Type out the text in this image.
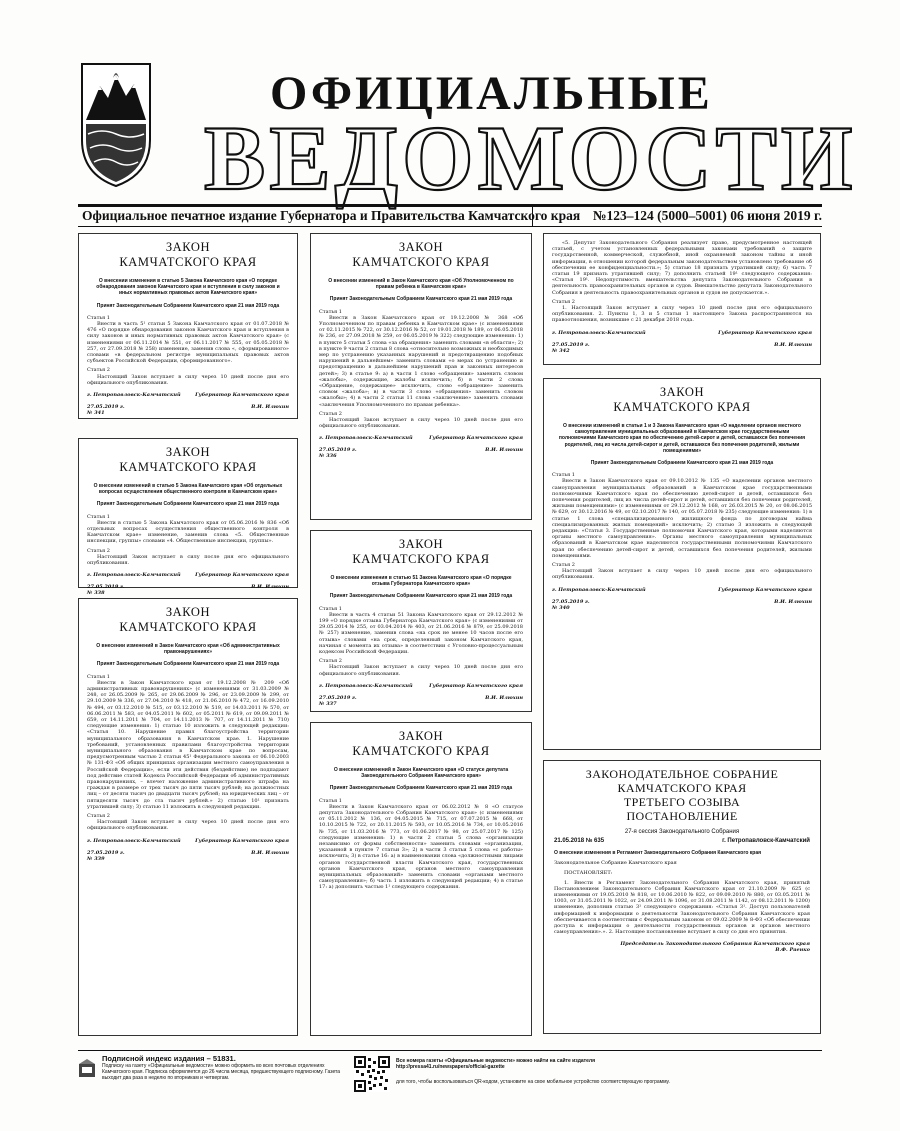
ОФИЦИАЛЬНЫЕ
ВЕДОМОСТИ
Официальное печатное издание Губернатора и Правительства Камчатского края №123–124 (5000–5001) 06 июня 2019 г.
ЗАКОН
КАМЧАТСКОГО КРАЯ
О внесении изменения в статью 5 Закона Камчатского края «О порядке обнародования законов Камчатского края и вступления в силу законов и иных нормативных правовых актов Камчатского края»
Принят Законодательным Собранием Камчатского края 21 мая 2019 года
Статья 1
Внести в часть 5¹ статьи 5 Закона Камчатского края от 01.07.2018 № 476 «О порядке обнародования законов Камчатского края и вступления в силу законов и иных нормативных правовых актов Камчатского края» (с изменениями от 06.11.2014 № 551, от 06.11.2017 № 555, от 05.05.2018 № 257, от 27.09.2018 № 258) изменение, заменив слова «, сформированного» словами «в федеральном регистре муниципальных правовых актов субъектов Российской Федерации, сформированного».
Статья 2
Настоящий Закон вступает в силу через 10 дней после дня его официального опубликования.
г. Петропавловск-Камчатский	Губернатор Камчатского края
27.05.2019 г.	В.И. Илюхин
№ 341
ЗАКОН
КАМЧАТСКОГО КРАЯ
О внесении изменений в статью 5 Закона Камчатского края «Об отдельных вопросах осуществления общественного контроля в Камчатском крае»
Принят Законодательным Собранием Камчатского края 21 мая 2019 года
Статья 1
Внести в статью 5 Закона Камчатского края от 05.06.2016 № 836 «Об отдельных вопросах осуществления общественного контроля в Камчатском крае» изменение, заменив слова «5. Общественные инспекции, группы» словами «4. Общественные инспекции, группы».
Статья 2
Настоящий Закон вступает в силу после дня его официального опубликования.
г. Петропавловск-Камчатский	Губернатор Камчатского края
27.05.2019 г.	В.И. Илюхин
№ 338
ЗАКОН
КАМЧАТСКОГО КРАЯ
О внесении изменений в Закон Камчатского края «Об административных правонарушениях»
Принят Законодательным Собранием Камчатского края 21 мая 2019 года
Статья 1
Внести в Закон Камчатского края от 19.12.2008 № 209 «Об административных правонарушениях» (с изменениями от 31.03.2009 № 248, от 26.05.2009 № 265, от 29.06.2009 № 296, от 23.09.2009 № 299, от 29.10.2009 № 336, от 27.04.2010 № 418, от 21.06.2010 № 472, от 16.09.2010 № 494, от 03.12.2010 № 515, от 03.12.2010 № 519, от 14.03.2011 № 570, от 06.06.2011 № 583, от 04.05.2011 № 602, от 05.2011 № 619, от 09.09.2011 № 659, от 14.11.2011 № 704, от 14.11.2013 № 707, от 14.11.2011 № 710) следующие изменения: 1) статью 10 изложить в следующей редакции: «Статья 10. Нарушение правил благоустройства территории муниципального образования в Камчатском крае. 1. Нарушение требований, установленных правилами благоустройства территории муниципального образования в Камчатском крае по вопросам, предусмотренным частью 2 статьи 45¹ Федерального закона от 06.10.2003 № 131-ФЗ «Об общих принципах организации местного самоуправления в Российской Федерации», если эти действия (бездействие) не подпадают под действие статей Кодекса Российской Федерации об административных правонарушениях, – влечет наложение административного штрафа на граждан в размере от трех тысяч до пяти тысяч рублей; на должностных лиц – от десяти тысяч до двадцати тысяч рублей; на юридических лиц – от пятидесяти тысяч до ста тысяч рублей.» 2) статью 10¹ признать утратившей силу; 3) статью 11 изложить в следующей редакции.
Статья 2
Настоящий Закон вступает в силу через 10 дней после дня его официального опубликования.
г. Петропавловск-Камчатский	Губернатор Камчатского края
27.05.2019 г.	В.И. Илюхин
№ 339
ЗАКОН
КАМЧАТСКОГО КРАЯ
О внесении изменений в Закон Камчатского края «Об Уполномоченном по правам ребенка в Камчатском крае»
Принят Законодательным Собранием Камчатского края 21 мая 2019 года
Статья 1
Внести в Закон Камчатского края от 19.12.2008 № 368 «Об Уполномоченном по правам ребенка в Камчатском крае» (с изменениями от 02.11.2015 № 722, от 30.12.2016 № 52, от 19.01.2018 № 189, от 06.05.2018 № 236, от 27.09.2018 № 259, от 06.05.2019 № 322) следующие изменения: 1) в пункте 5 статьи 5 слова «за обращения» заменить словами «в области»; 2) в пункте 9 части 2 статьи 8 слова «относительно возможных и необходимых мер по устранению указанных нарушений и предотвращению подобных нарушений в дальнейшем» заменить словами «о мерах по устранению и предотвращению в дальнейшем нарушений прав и законных интересов детей»; 3) в статье 9: а) в части 1 слово «обращения» заменить словом «жалобы», содержащие, жалобы исключить; б) в части 2 слова «Обращение, содержащее» исключить, слово «обращение» заменить словом «жалоба»; в) в части 3 слово «обращения» заменить словом «жалобы»; 4) в части 2 статьи 11 слова «заключение» заменить словами «заключения Уполномоченного по правам ребенка».
Статья 2
Настоящий Закон вступает в силу через 10 дней после дня его официального опубликования.
г. Петропавловск-Камчатский	Губернатор Камчатского края
27.05.2019 г.	В.И. Илюхин
№ 336
ЗАКОН
КАМЧАТСКОГО КРАЯ
О внесении изменения в статью 51 Закона Камчатского края «О порядке отзыва Губернатора Камчатского края»
Принят Законодательным Собранием Камчатского края 21 мая 2019 года
Статья 1
Внести в часть 4 статьи 51 Закона Камчатского края от 29.12.2012 № 199 «О порядке отзыва Губернатора Камчатского края» (с изменениями от 29.05.2014 № 255, от 03.04.2014 № 403, от 21.06.2016 № 879, от 25.09.2018 № 257) изменение, заменив слова «на срок не менее 10 часов после его отзыва» словами «на срок, определенный законом Камчатского края, начиная с момента их отзыва» в соответствии с Уголовно-процессуальным кодексом Российской Федерации.
Статья 2
Настоящий Закон вступает в силу через 10 дней после дня его официального опубликования.
г. Петропавловск-Камчатский	Губернатор Камчатского края
27.05.2019 г.	В.И. Илюхин
№ 337
ЗАКОН
КАМЧАТСКОГО КРАЯ
О внесении изменений в Закон Камчатского края «О статусе депутата Законодательного Собрания Камчатского края»
Принят Законодательным Собранием Камчатского края 21 мая 2019 года
Статья 1
Внести в Закон Камчатского края от 06.02.2012 № 8 «О статусе депутата Законодательного Собрания Камчатского края» (с изменениями от 05.11.2012 № 136, от 04.05.2015 № 715, от 07.07.2015 № 668, от 10.10.2015 № 722, от 20.11.2015 № 593, от 10.05.2016 № 734, от 10.05.2016 № 735, от 11.03.2016 № 773, от 01.06.2017 № 98, от 25.07.2017 № 125) следующие изменения: 1) в части 2 статьи 5 слова «организации независимо от формы собственности» заменить словами «организации, указанной в пункте 7 статьи 3»; 2) в части 3 статьи 5 слова «с работы» исключить; 3) в статье 16: а) в наименовании слова «должностными лицами органов государственной власти Камчатского края, государственных органов Камчатского края, органов местного самоуправления муниципальных образований» заменить словами «органами местного самоуправления»; б) часть 1 изложить в следующей редакции; 4) в статье 17: а) дополнить частью 1¹ следующего содержания.
«5. Депутат Законодательного Собрания реализует право, предусмотренное настоящей статьей, с учетом установленных федеральными законами требований о защите государственной, коммерческой, служебной, иной охраняемой законом тайны и иной информации, в отношении которой федеральным законодательством установлено требование об обеспечении ее конфиденциальности.»; 5) статью 18 признать утратившей силу; 6) часть 7 статьи 19 признать утратившей силу; 7) дополнить статьей 19¹ следующего содержания: «Статья 19¹. Недопустимость вмешательства депутата Законодательного Собрания в деятельность правоохранительных органов и судов. Вмешательство депутата Законодательного Собрания в деятельность правоохранительных органов и судов не допускается.».
Статья 2
1. Настоящий Закон вступает в силу через 10 дней после дня его официального опубликования. 2. Пункты 1, 3 и 5 статьи 1 настоящего Закона распространяются на правоотношения, возникшие с 21 декабря 2018 года.
г. Петропавловск-Камчатский	Губернатор Камчатского края
27.05.2019 г.	В.И. Илюхин
№ 342
ЗАКОН
КАМЧАТСКОГО КРАЯ
О внесении изменений в статьи 1 и 3 Закона Камчатского края «О наделении органов местного самоуправления муниципальных образований в Камчатском крае государственными полномочиями Камчатского края по обеспечению детей-сирот и детей, оставшихся без попечения родителей, лиц из числа детей-сирот и детей, оставшихся без попечения родителей, жилыми помещениями»
Принят Законодательным Собранием Камчатского края 21 мая 2019 года
Статья 1
Внести в Закон Камчатского края от 09.10.2012 № 135 «О наделении органов местного самоуправления муниципальных образований в Камчатском крае государственными полномочиями Камчатского края по обеспечению детей-сирот и детей, оставшихся без попечения родителей, лиц из числа детей-сирот и детей, оставшихся без попечения родителей, жилыми помещениями» (с изменениями от 29.12.2012 № 168, от 26.03.2015 № 20, от 08.06.2015 № 629, от 30.12.2016 № 49, от 02.10.2017 № 140, от 05.07.2018 № 235) следующие изменения: 1) в статье 1 слова «специализированного жилищного фонда по договорам найма специализированных жилых помещений» исключить; 2) статью 3 изложить в следующей редакции: «Статья 3. Государственные полномочия Камчатского края, которыми наделяются органы местного самоуправления». Органы местного самоуправления муниципальных образований в Камчатском крае наделяются государственными полномочиями Камчатского края по обеспечению детей-сирот и детей, оставшихся без попечения родителей, жилыми помещениями.
Статья 2
Настоящий Закон вступает в силу через 10 дней после дня его официального опубликования.
г. Петропавловск-Камчатский	Губернатор Камчатского края
27.05.2019 г.	В.И. Илюхин
№ 340
ЗАКОНОДАТЕЛЬНОЕ СОБРАНИЕ
КАМЧАТСКОГО КРАЯ
ТРЕТЬЕГО СОЗЫВА
ПОСТАНОВЛЕНИЕ
27-я сессия Законодательного Собрания
21.05.2018 № 635	г. Петропавловск-Камчатский
О внесении изменения в Регламент Законодательного Собрания Камчатского края
Законодательное Собрание Камчатского края
ПОСТАНОВЛЯЕТ:
1. Внести в Регламент Законодательного Собрания Камчатского края, принятый Постановлением Законодательного Собрания Камчатского края от 21.10.2009 № 625 (с изменениями от 19.05.2010 № 818, от 10.06.2010 № 822, от 09.09.2010 № 880, от 03.05.2011 № 1003, от 31.05.2011 № 1022, от 24.09.2011 № 1096, от 31.08.2011 № 1142, от 08.12.2011 № 1200) изменение, дополнив статью 3¹ следующего содержания: «Статья 3¹. Доступ пользователей информацией к информации о деятельности Законодательного Собрания Камчатского края обеспечивается в соответствии с Федеральным законом от 09.02.2009 № 8-ФЗ «Об обеспечении доступа к информации о деятельности государственных органов и органов местного самоуправления».». 2. Настоящее постановление вступает в силу со дня его принятия.
Председатель Законодательного Собрания Камчатского края
В.Ф. Раенко
Подписной индекс издания – 51831.
Подписку на газету «Официальные ведомости» можно оформить во всех почтовых отделениях Камчатского края. Подписка оформляется до 26 числа месяца, предшествующего подписному. Газета выходит два раза в неделю по вторникам и четвергам.
Все номера газеты «Официальные ведомости» можно найти на сайте издателя
http://pressa41.ru/newspapers/official-gazette
для того, чтобы воспользоваться QR-кодом, установите на свое мобильное устройство соответствующую программу.
